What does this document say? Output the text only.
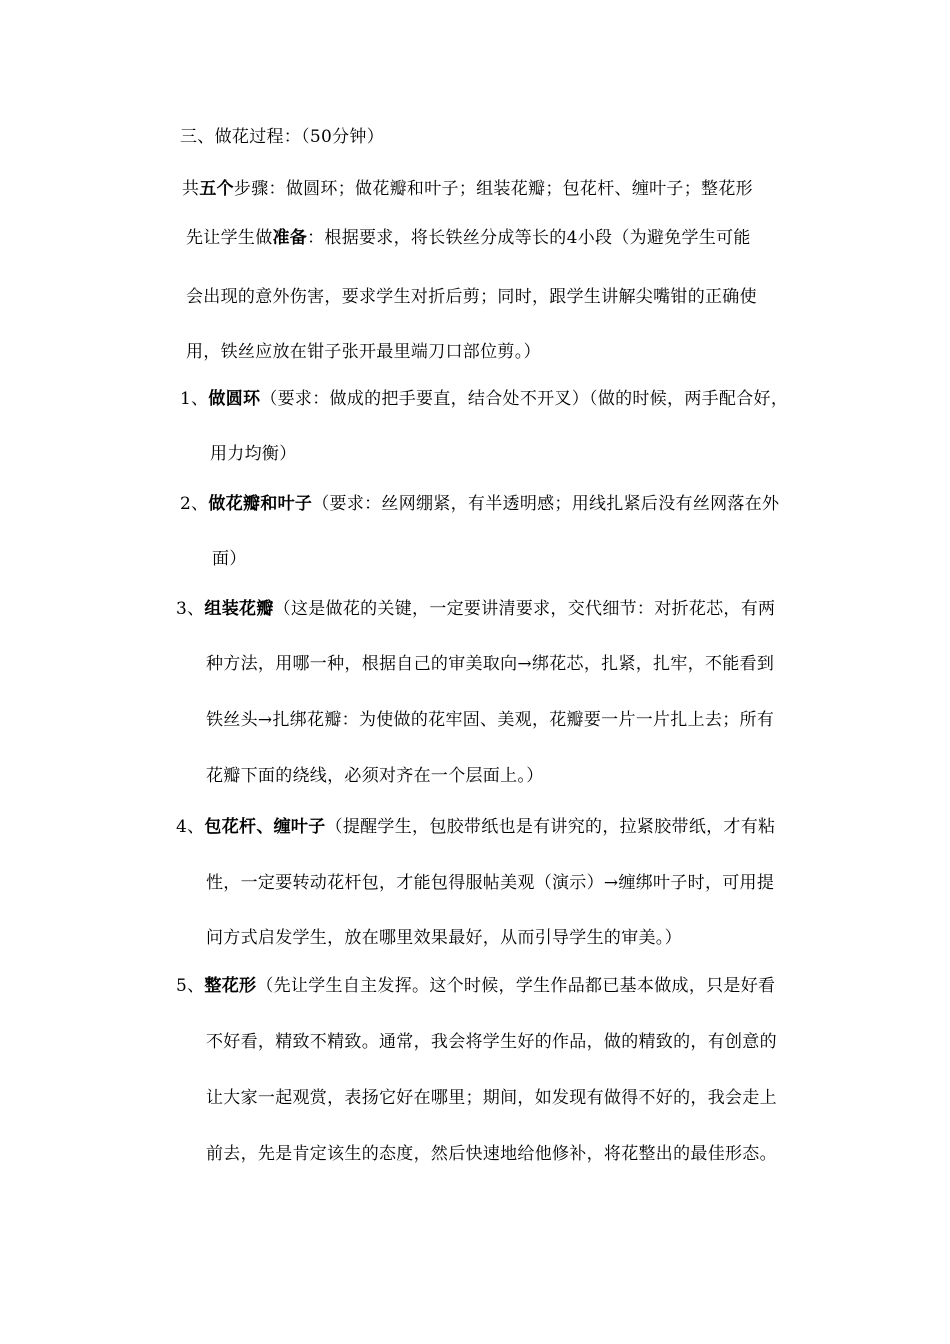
三、做花过程：（50分钟）
共五个步骤：做圆环；做花瓣和叶子；组装花瓣；包花杆、缠叶子；整花形
先让学生做准备：根据要求，将长铁丝分成等长的4小段（为避免学生可能
会出现的意外伤害，要求学生对折后剪；同时，跟学生讲解尖嘴钳的正确使
用，铁丝应放在钳子张开最里端刀口部位剪。）
1、做圆环（要求：做成的把手要直，结合处不开叉）（做的时候，两手配合好，
用力均衡）
2、做花瓣和叶子（要求：丝网绷紧，有半透明感；用线扎紧后没有丝网落在外
面）
3、组装花瓣（这是做花的关键，一定要讲清要求，交代细节：对折花芯，有两
种方法，用哪一种，根据自己的审美取向→绑花芯，扎紧，扎牢，不能看到
铁丝头→扎绑花瓣：为使做的花牢固、美观，花瓣要一片一片扎上去；所有
花瓣下面的绕线，必须对齐在一个层面上。）
4、包花杆、缠叶子（提醒学生，包胶带纸也是有讲究的，拉紧胶带纸，才有粘
性，一定要转动花杆包，才能包得服帖美观（演示）→缠绑叶子时，可用提
问方式启发学生，放在哪里效果最好，从而引导学生的审美。）
5、整花形（先让学生自主发挥。这个时候，学生作品都已基本做成，只是好看
不好看，精致不精致。通常，我会将学生好的作品，做的精致的，有创意的
让大家一起观赏，表扬它好在哪里；期间，如发现有做得不好的，我会走上
前去，先是肯定该生的态度，然后快速地给他修补，将花整出的最佳形态。
